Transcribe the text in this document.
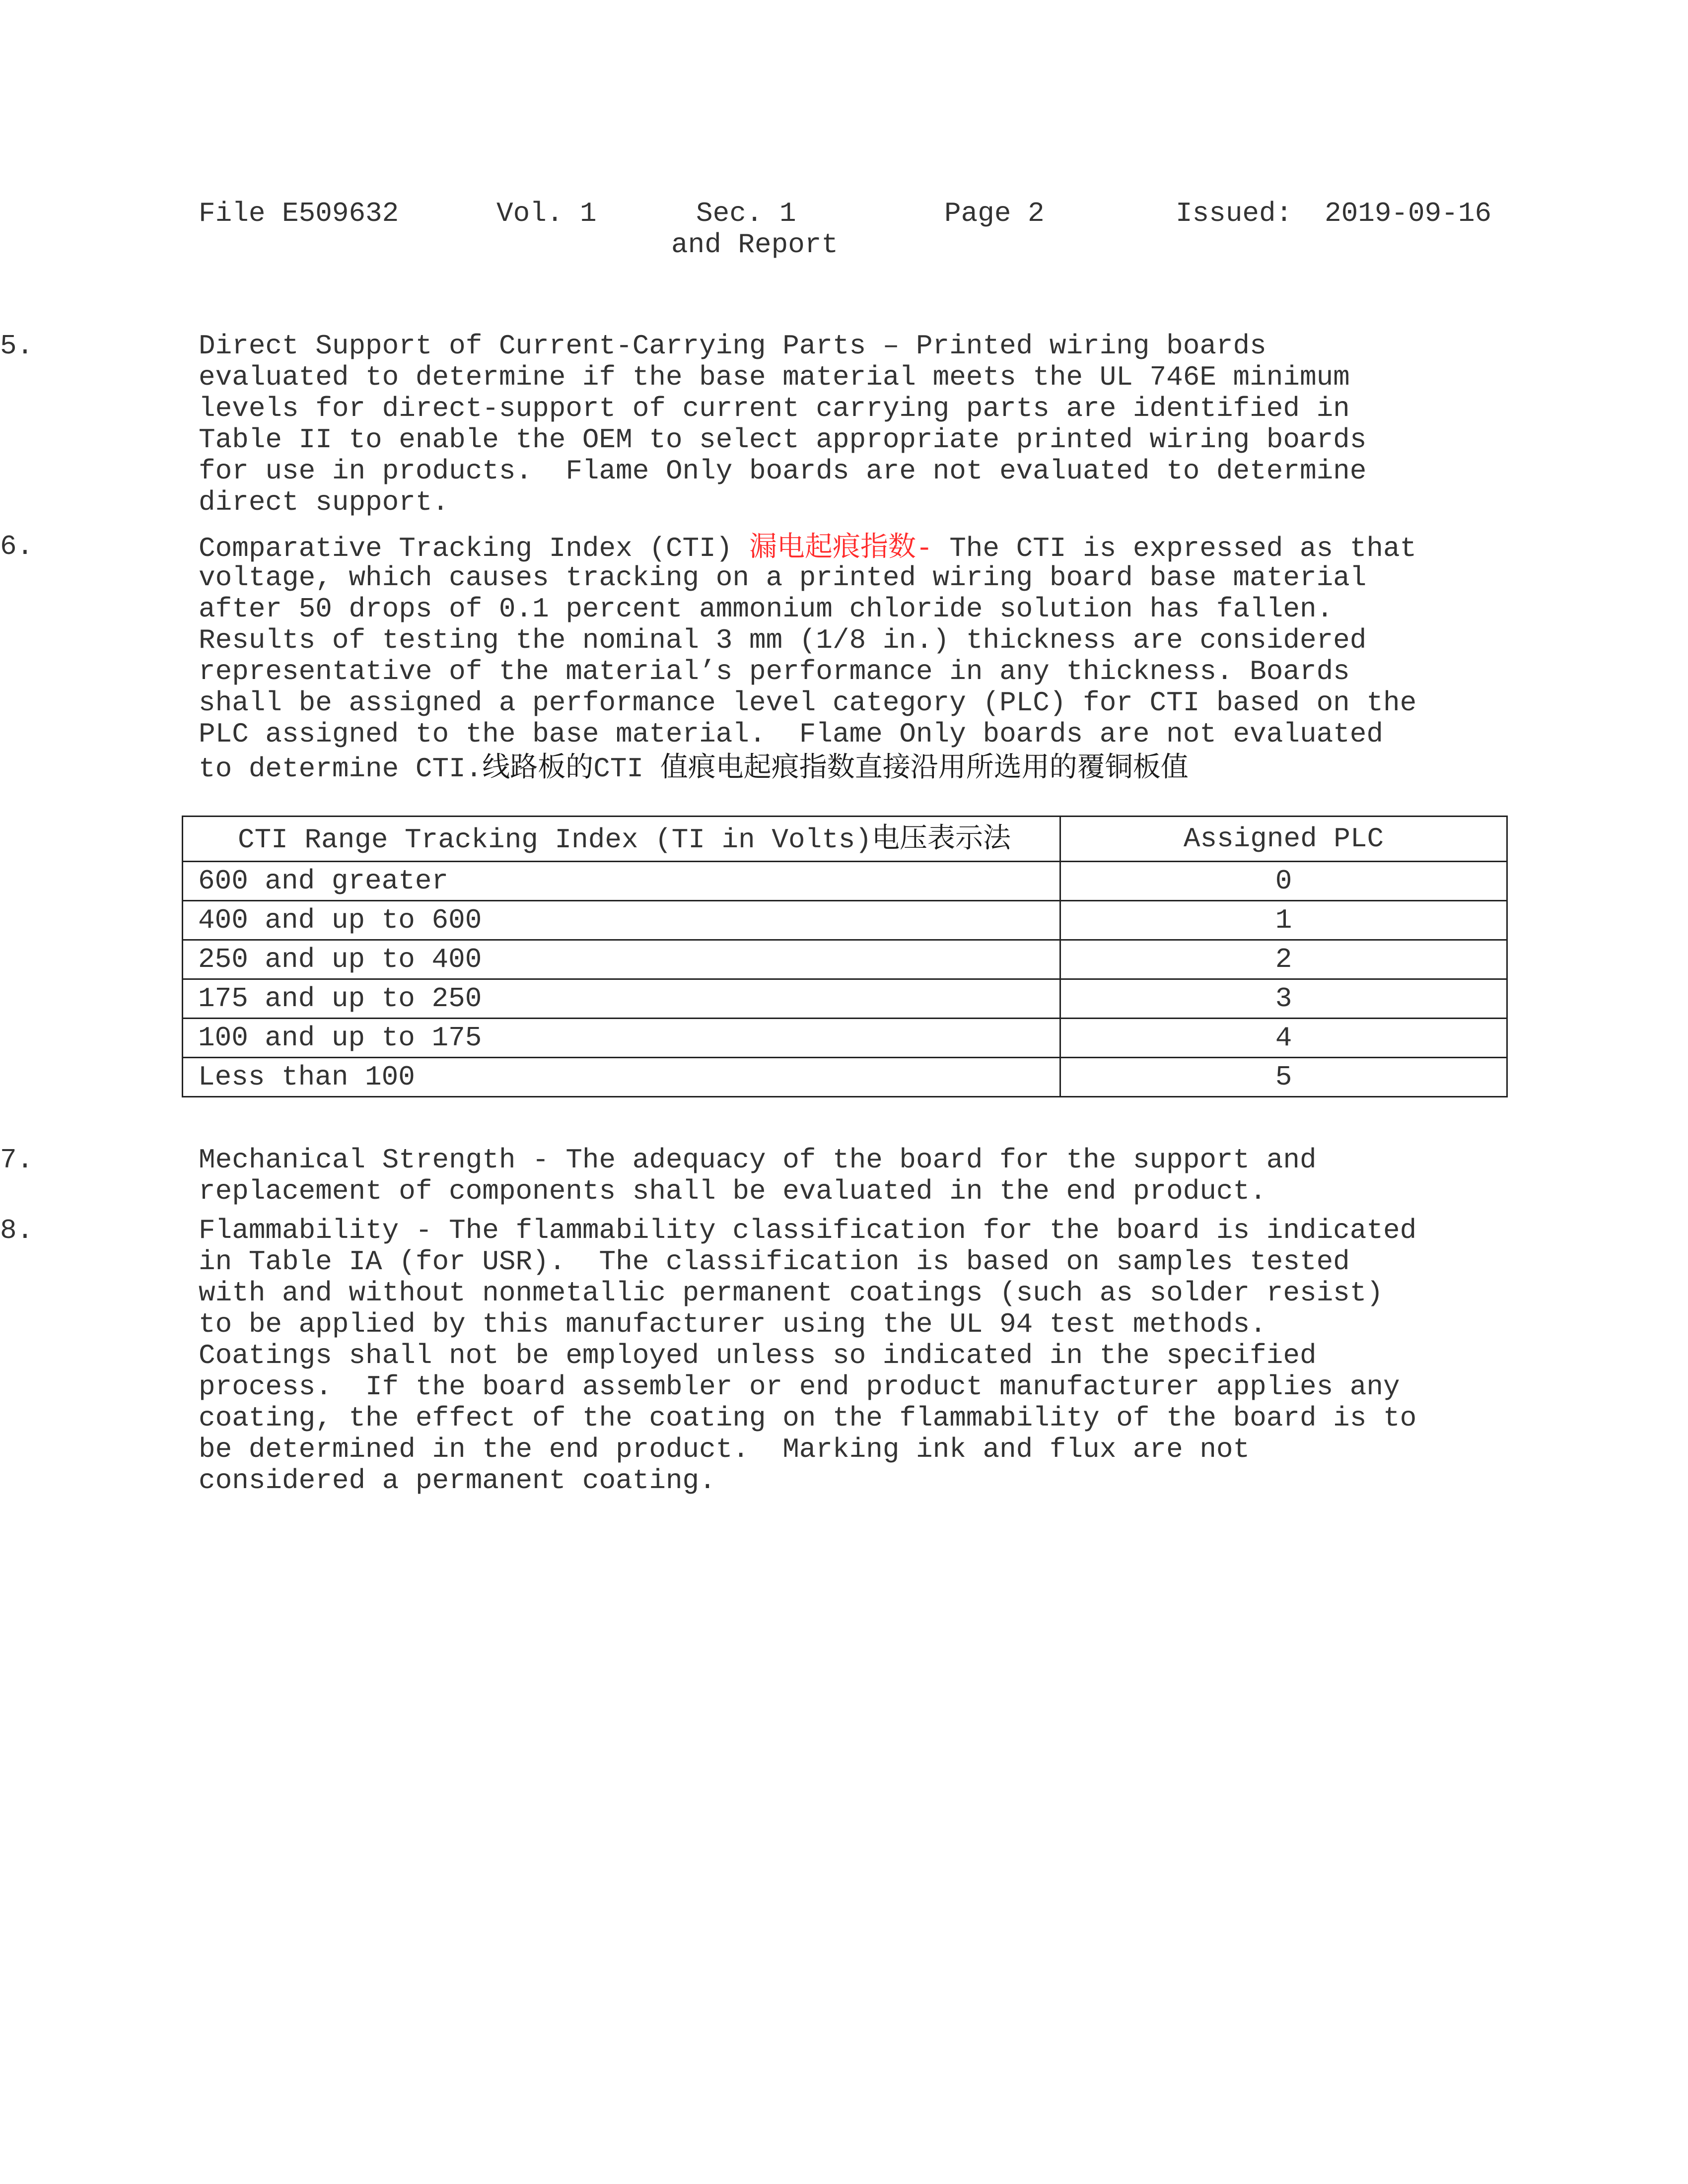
File E509632	Vol. 1	Sec. 1
and Report
Page 2	Issued: 2019-09-16
5.	Direct Support of Current-Carrying Parts – Printed wiring boards
evaluated to determine if the base material meets the UL 746E minimum
levels for direct-support of current carrying parts are identified in
Table II to enable the OEM to select appropriate printed wiring boards
for use in products.  Flame Only boards are not evaluated to determine
direct support.
6.	Comparative Tracking Index (CTI) 漏电起痕指数- The CTI is expressed as that
voltage, which causes tracking on a printed wiring board base material
after 50 drops of 0.1 percent ammonium chloride solution has fallen.
Results of testing the nominal 3 mm (1/8 in.) thickness are considered
representative of the material’s performance in any thickness. Boards
shall be assigned a performance level category (PLC) for CTI based on the
PLC assigned to the base material.  Flame Only boards are not evaluated
to determine CTI.线路板的CTI 值痕电起痕指数直接沿用所选用的覆铜板值
CTI Range Tracking Index (TI in Volts)电压表示法	Assigned PLC
600 and greater	0
400 and up to 600	1
250 and up to 400	2
175 and up to 250	3
100 and up to 175	4
Less than 100	5
7.	Mechanical Strength - The adequacy of the board for the support and
replacement of components shall be evaluated in the end product.
8.	Flammability - The flammability classification for the board is indicated
in Table IA (for USR).  The classification is based on samples tested
with and without nonmetallic permanent coatings (such as solder resist)
to be applied by this manufacturer using the UL 94 test methods.
Coatings shall not be employed unless so indicated in the specified
process.  If the board assembler or end product manufacturer applies any
coating, the effect of the coating on the flammability of the board is to
be determined in the end product.  Marking ink and flux are not
considered a permanent coating.
